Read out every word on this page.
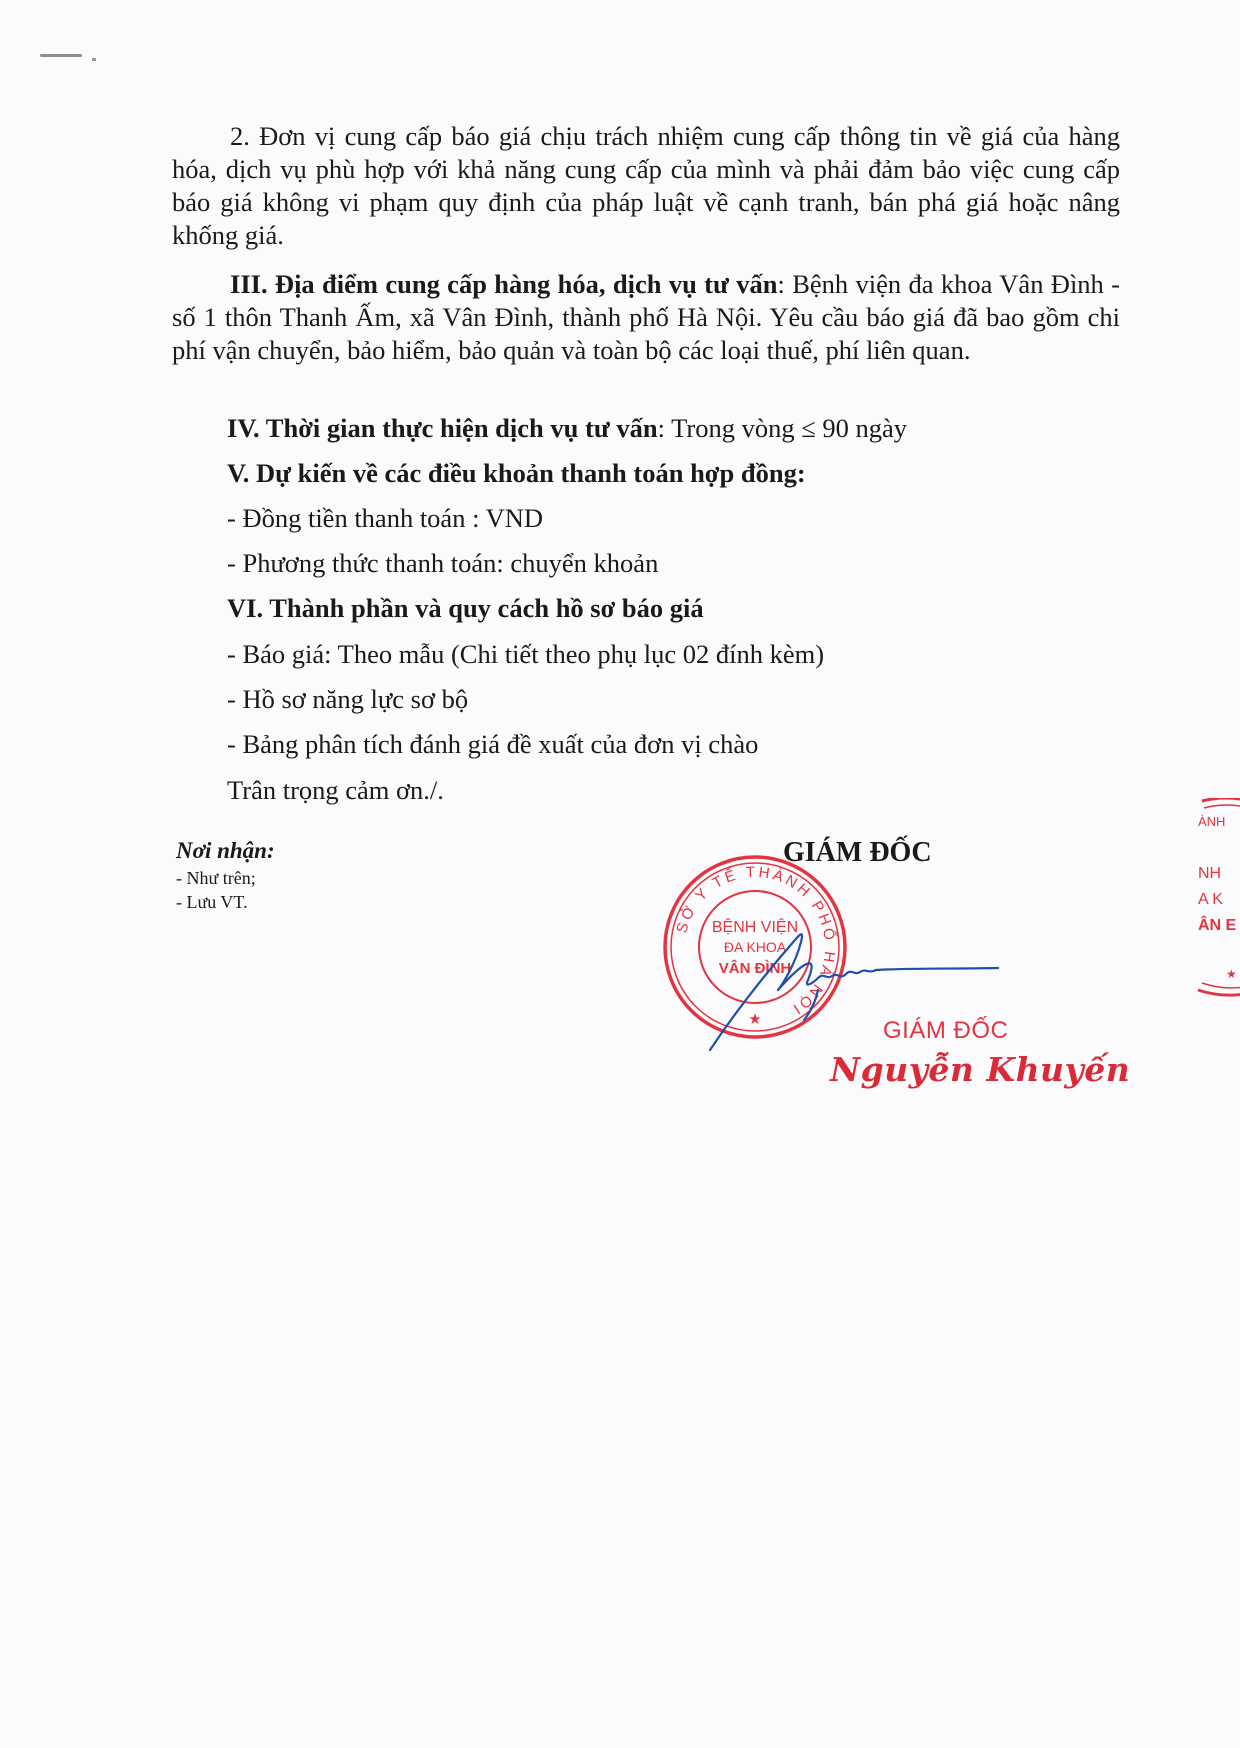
2. Đơn vị cung cấp báo giá chịu trách nhiệm cung cấp thông tin về giá của hàng hóa, dịch vụ phù hợp với khả năng cung cấp của mình và phải đảm bảo việc cung cấp báo giá không vi phạm quy định của pháp luật về cạnh tranh, bán phá giá hoặc nâng khống giá.

III. Địa điểm cung cấp hàng hóa, dịch vụ tư vấn: Bệnh viện đa khoa Vân Đình - số 1 thôn Thanh Ấm, xã Vân Đình, thành phố Hà Nội. Yêu cầu báo giá đã bao gồm chi phí vận chuyển, bảo hiểm, bảo quản và toàn bộ các loại thuế, phí liên quan.

IV. Thời gian thực hiện dịch vụ tư vấn: Trong vòng ≤ 90 ngày
V. Dự kiến về các điều khoản thanh toán hợp đồng:
- Đồng tiền thanh toán : VND
- Phương thức thanh toán: chuyển khoản
VI. Thành phần và quy cách hồ sơ báo giá
- Báo giá: Theo mẫu (Chi tiết theo phụ lục 02 đính kèm)
- Hồ sơ năng lực sơ bộ
- Bảng phân tích đánh giá đề xuất của đơn vị chào
Trân trọng cảm ơn./.
Nơi nhận:
- Như trên;
- Lưu VT.
SỞ Y TẾ THÀNH PHỐ HÀ NỘI
BỆNH VIỆN
ĐA KHOA
VÂN ĐÌNH
★
GIÁM ĐỐC
ÀNH
NH
A K
ÂN E
★
GIÁM ĐỐC
Nguyễn Khuyến
